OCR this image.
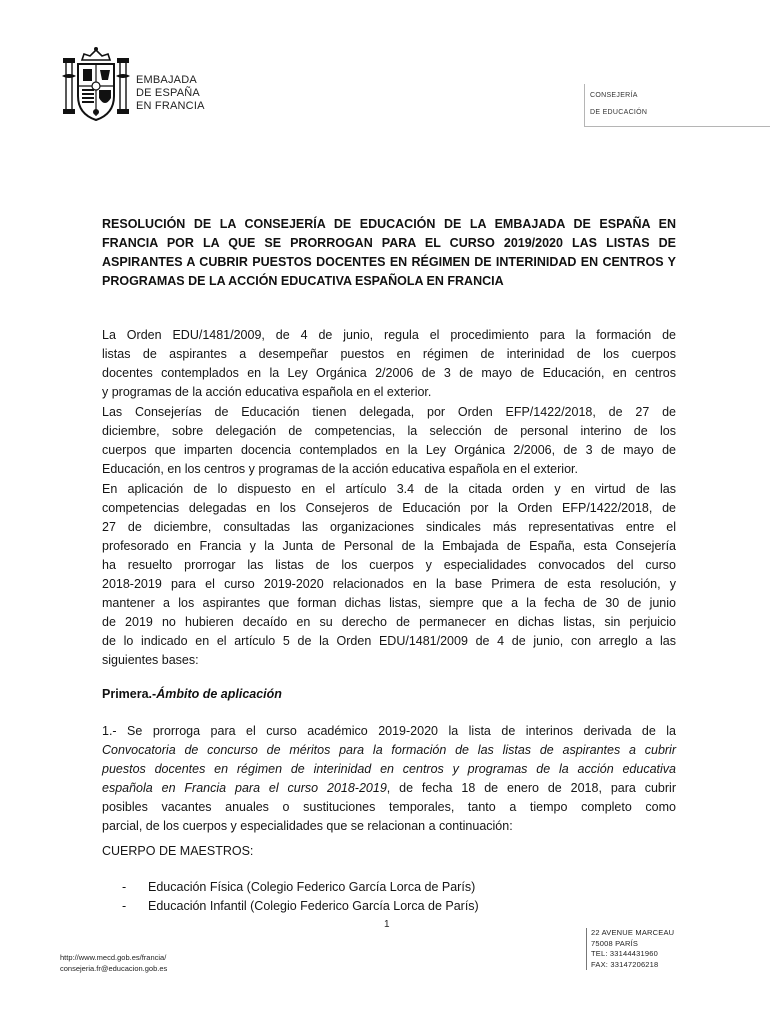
EMBAJADA
DE ESPAÑA
EN FRANCIA
CONSEJERÍA
DE EDUCACIÓN
RESOLUCIÓN DE LA CONSEJERÍA DE EDUCACIÓN DE LA EMBAJADA DE ESPAÑA EN
FRANCIA POR LA QUE SE PRORROGAN PARA EL CURSO 2019/2020 LAS LISTAS DE
ASPIRANTES A CUBRIR PUESTOS DOCENTES EN RÉGIMEN DE INTERINIDAD EN CENTROS Y
PROGRAMAS DE LA ACCIÓN EDUCATIVA ESPAÑOLA EN FRANCIA
La Orden EDU/1481/2009, de 4 de junio, regula el procedimiento para la formación de
listas de aspirantes a desempeñar puestos en régimen de interinidad de los cuerpos
docentes contemplados en la Ley Orgánica 2/2006 de 3 de mayo de Educación, en centros
y programas de la acción educativa española en el exterior.
Las Consejerías de Educación tienen delegada, por Orden EFP/1422/2018, de 27 de
diciembre, sobre delegación de competencias, la selección de personal interino de los
cuerpos que imparten docencia contemplados en la Ley Orgánica 2/2006, de 3 de mayo de
Educación, en los centros y programas de la acción educativa española en el exterior.
En aplicación de lo dispuesto en el artículo 3.4 de la citada orden y en virtud de las
competencias delegadas en los Consejeros de Educación por la Orden EFP/1422/2018, de
27 de diciembre, consultadas las organizaciones sindicales más representativas entre el
profesorado en Francia y la Junta de Personal de la Embajada de España, esta Consejería
ha resuelto prorrogar las listas de los cuerpos y especialidades convocados del curso
2018-2019 para el curso 2019-2020 relacionados en la base Primera de esta resolución, y
mantener a los aspirantes que forman dichas listas, siempre que a la fecha de 30 de junio
de 2019 no hubieren decaído en su derecho de permanecer en dichas listas, sin perjuicio
de lo indicado en el artículo 5 de la Orden EDU/1481/2009 de 4 de junio, con arreglo a las
siguientes bases:
Primera.-Ámbito de aplicación
1.- Se prorroga para el curso académico 2019-2020 la lista de interinos derivada de la
Convocatoria de concurso de méritos para la formación de las listas de aspirantes a cubrir
puestos docentes en régimen de interinidad en centros y programas de la acción educativa
española en Francia para el curso 2018-2019, de fecha 18 de enero de 2018, para cubrir
posibles vacantes anuales o sustituciones temporales, tanto a tiempo completo como
parcial, de los cuerpos y especialidades que se relacionan a continuación:
CUERPO DE MAESTROS:
-	Educación Física (Colegio Federico García Lorca de París)
-	Educación Infantil (Colegio Federico García Lorca de París)
1
http://www.mecd.gob.es/francia/
consejeria.fr@educacion.gob.es
22 AVENUE MARCEAU
75008 PARÍS
TEL: 33144431960
FAX: 33147206218
